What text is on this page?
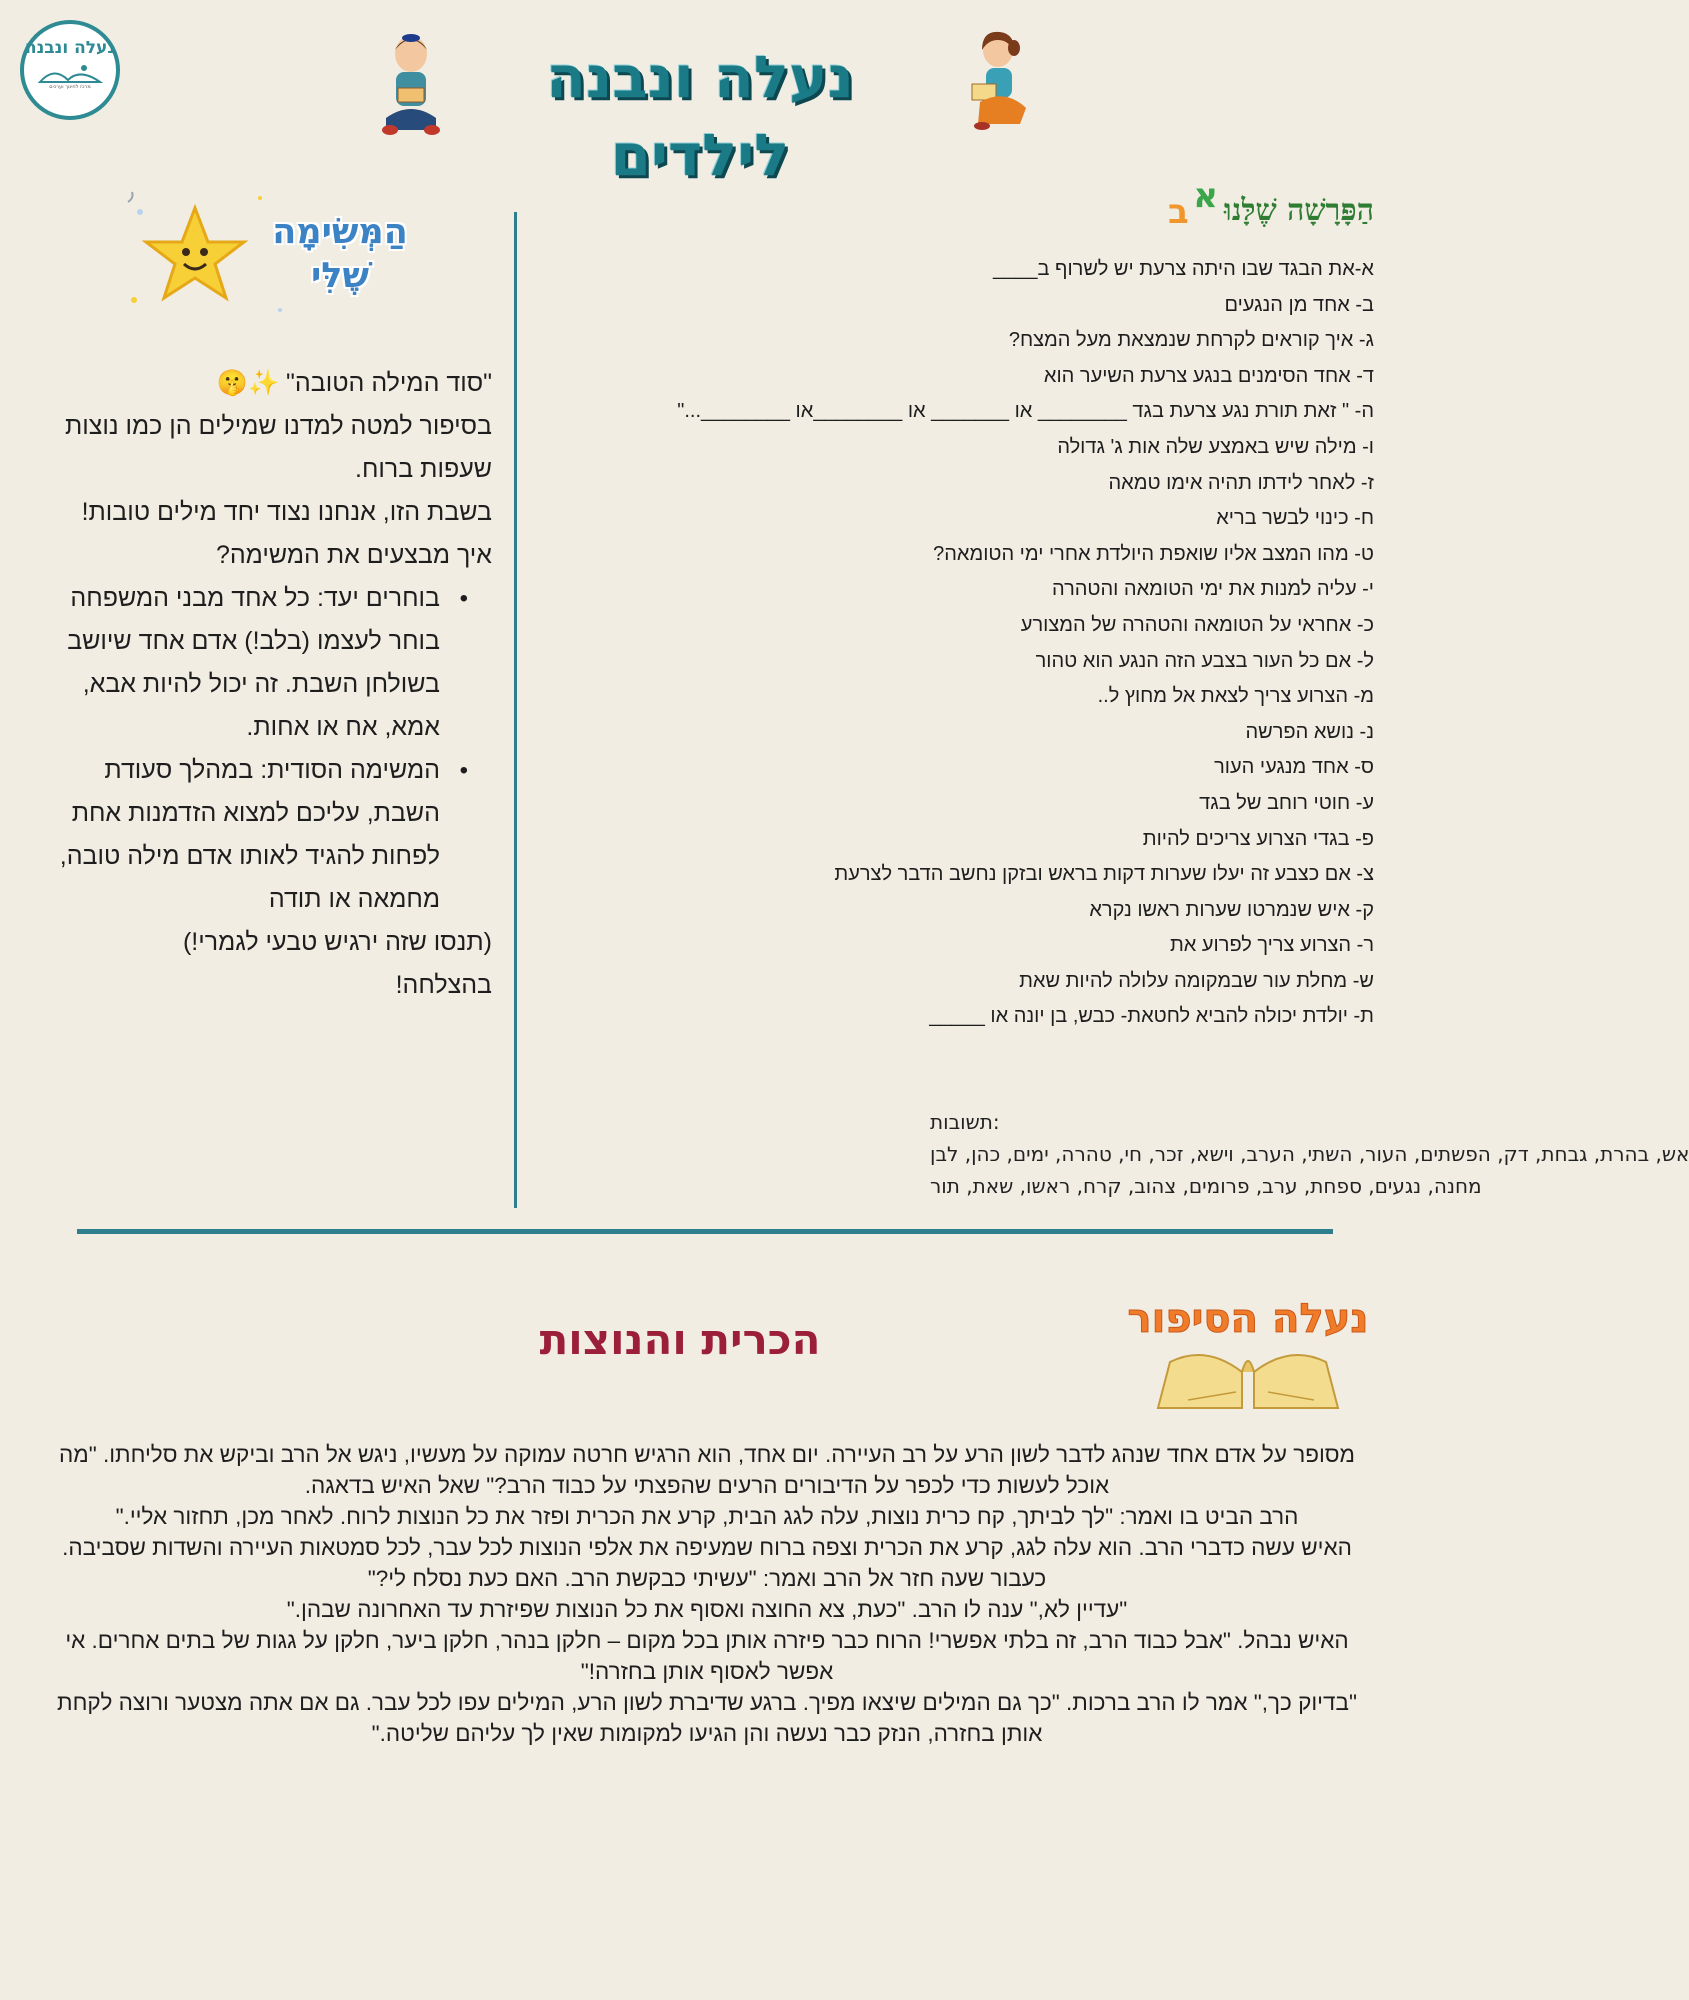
נעלה ונבנה
מרכז לחינוך וערכים	נעלה ונבנה לילדים
הַפָּרָשָׁה שֶׁלָּנוּ
א
ב
א-את הבגד שבו היתה צרעת יש לשרוף ב____
ב- אחד מן הנגעים
ג- איך קוראים לקרחת שנמצאת מעל המצח?
ד- אחד הסימנים בנגע צרעת השיער הוא
ה- " זאת תורת נגע צרעת בגד ________ או _______ או ________או ________..."
ו- מילה שיש באמצע שלה אות ג' גדולה
ז- לאחר לידתו תהיה אימו טמאה
ח- כינוי לבשר בריא
ט- מהו המצב אליו שואפת היולדת אחרי ימי הטומאה?
י- עליה למנות את ימי הטומאה והטהרה
כ- אחראי על הטומאה והטהרה של המצורע
ל- אם כל העור בצבע הזה הנגע הוא טהור
מ- הצרוע צריך לצאת אל מחוץ ל..
נ- נושא הפרשה
ס- אחד מנגעי העור
ע- חוטי רוחב של בגד
פ- בגדי הצרוע צריכים להיות
צ- אם כצבע זה יעלו שערות דקות בראש ובזקן נחשב הדבר לצרעת
ק- איש שנמרטו שערות ראשו נקרא
ר- הצרוע צריך לפרוע את
ש- מחלת עור שבמקומה עלולה להיות שאת
ת- יולדת יכולה להביא לחטאת- כבש, בן יונה או _____
תשובות:
אש, בהרת, גבחת, דק, הפשתים, העור, השתי, הערב, וישא, זכר, חי, טהרה, ימים, כהן, לבן
מחנה, נגעים, ספחת, ערב, פרומים, צהוב, קרח, ראשו, שאת, תור
הַמְּשִׂימָה
שֶׁלִּי

"סוד המילה הטובה" ✨🤫

בסיפור למטה למדנו שמילים הן כמו נוצות שעפות ברוח.

בשבת הזו, אנחנו נצוד יחד מילים טובות!

איך מבצעים את המשימה?

• בוחרים יעד: כל אחד מבני המשפחה בוחר לעצמו (בלב!) אדם אחד שיושב בשולחן השבת. זה יכול להיות אבא, אמא, אח או אחות.
• המשימה הסודית: במהלך סעודת השבת, עליכם למצוא הזדמנות אחת לפחות להגיד לאותו אדם מילה טובה, מחמאה או תודה

(תנסו שזה ירגיש טבעי לגמרי!)

בהצלחה!

הכרית והנוצות	נעלה הסיפור

מסופר על אדם אחד שנהג לדבר לשון הרע על רב העיירה. יום אחד, הוא הרגיש חרטה עמוקה על מעשיו, ניגש אל הרב וביקש את סליחתו. "מה אוכל לעשות כדי לכפר על הדיבורים הרעים שהפצתי על כבוד הרב?" שאל האיש בדאגה.

הרב הביט בו ואמר: "לך לביתך, קח כרית נוצות, עלה לגג הבית, קרע את הכרית ופזר את כל הנוצות לרוח. לאחר מכן, תחזור אליי."

האיש עשה כדברי הרב. הוא עלה לגג, קרע את הכרית וצפה ברוח שמעיפה את אלפי הנוצות לכל עבר, לכל סמטאות העיירה והשדות שסביבה. כעבור שעה חזר אל הרב ואמר: "עשיתי כבקשת הרב. האם כעת נסלח לי?"

"עדיין לא," ענה לו הרב. "כעת, צא החוצה ואסוף את כל הנוצות שפיזרת עד האחרונה שבהן."

האיש נבהל. "אבל כבוד הרב, זה בלתי אפשרי! הרוח כבר פיזרה אותן בכל מקום – חלקן בנהר, חלקן ביער, חלקן על גגות של בתים אחרים. אי אפשר לאסוף אותן בחזרה!"

"בדיוק כך," אמר לו הרב ברכות. "כך גם המילים שיצאו מפיך. ברגע שדיברת לשון הרע, המילים עפו לכל עבר. גם אם אתה מצטער ורוצה לקחת אותן בחזרה, הנזק כבר נעשה והן הגיעו למקומות שאין לך עליהם שליטה."
